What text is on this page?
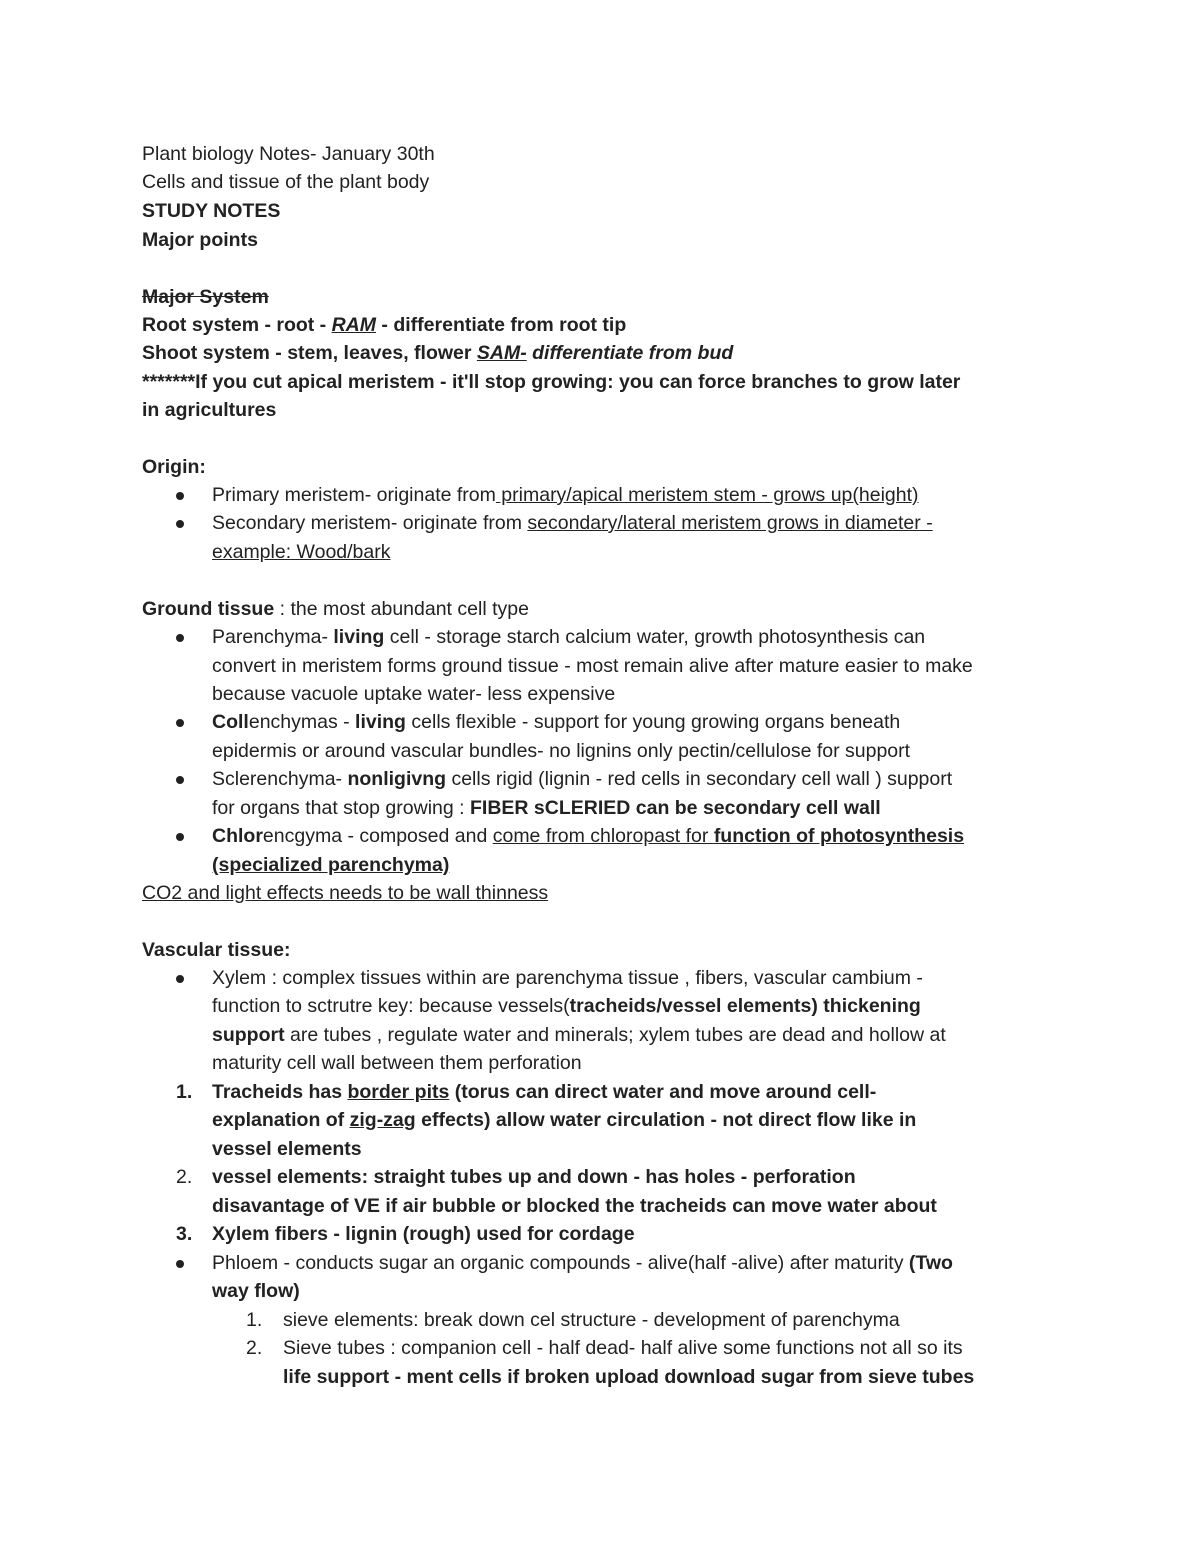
Plant biology Notes- January 30th
Cells and tissue of the plant body
STUDY NOTES
Major points
Major System
Root system - root - RAM - differentiate from root tip
Shoot system - stem, leaves, flower SAM- differentiate from bud
*******If you cut apical meristem - it'll stop growing: you can force branches to grow later
in agricultures
Origin:
Primary meristem- originate from primary/apical meristem stem - grows up(height)
Secondary meristem- originate from secondary/lateral meristem grows in diameter -
example: Wood/bark
Ground tissue : the most abundant cell type
Parenchyma- living cell - storage starch calcium water, growth photosynthesis can
convert in meristem forms ground tissue - most remain alive after mature easier to make
because vacuole uptake water- less expensive
Collenchymas - living cells flexible - support for young growing organs beneath
epidermis or around vascular bundles- no lignins only pectin/cellulose for support
Sclerenchyma- nonligivng cells rigid (lignin - red cells in secondary cell wall ) support
for organs that stop growing : FIBER sCLERIED can be secondary cell wall
Chlorencgyma - composed and come from chloropast for function of photosynthesis
(specialized parenchyma)
CO2 and light effects needs to be wall thinness
Vascular tissue:
Xylem : complex tissues within are parenchyma tissue , fibers, vascular cambium -
function to sctrutre key: because vessels(tracheids/vessel elements) thickening
support are tubes , regulate water and minerals; xylem tubes are dead and hollow at
maturity cell wall between them perforation
1. Tracheids has border pits (torus can direct water and move around cell-
explanation of zig-zag effects) allow water circulation - not direct flow like in
vessel elements
2. vessel elements: straight tubes up and down - has holes - perforation
disavantage of VE if air bubble or blocked the tracheids can move water about
3. Xylem fibers - lignin (rough) used for cordage
Phloem - conducts sugar an organic compounds - alive(half -alive) after maturity (Two
way flow)
1. sieve elements: break down cel structure - development of parenchyma
2. Sieve tubes : companion cell - half dead- half alive some functions not all so its
life support - ment cells if broken upload download sugar from sieve tubes
